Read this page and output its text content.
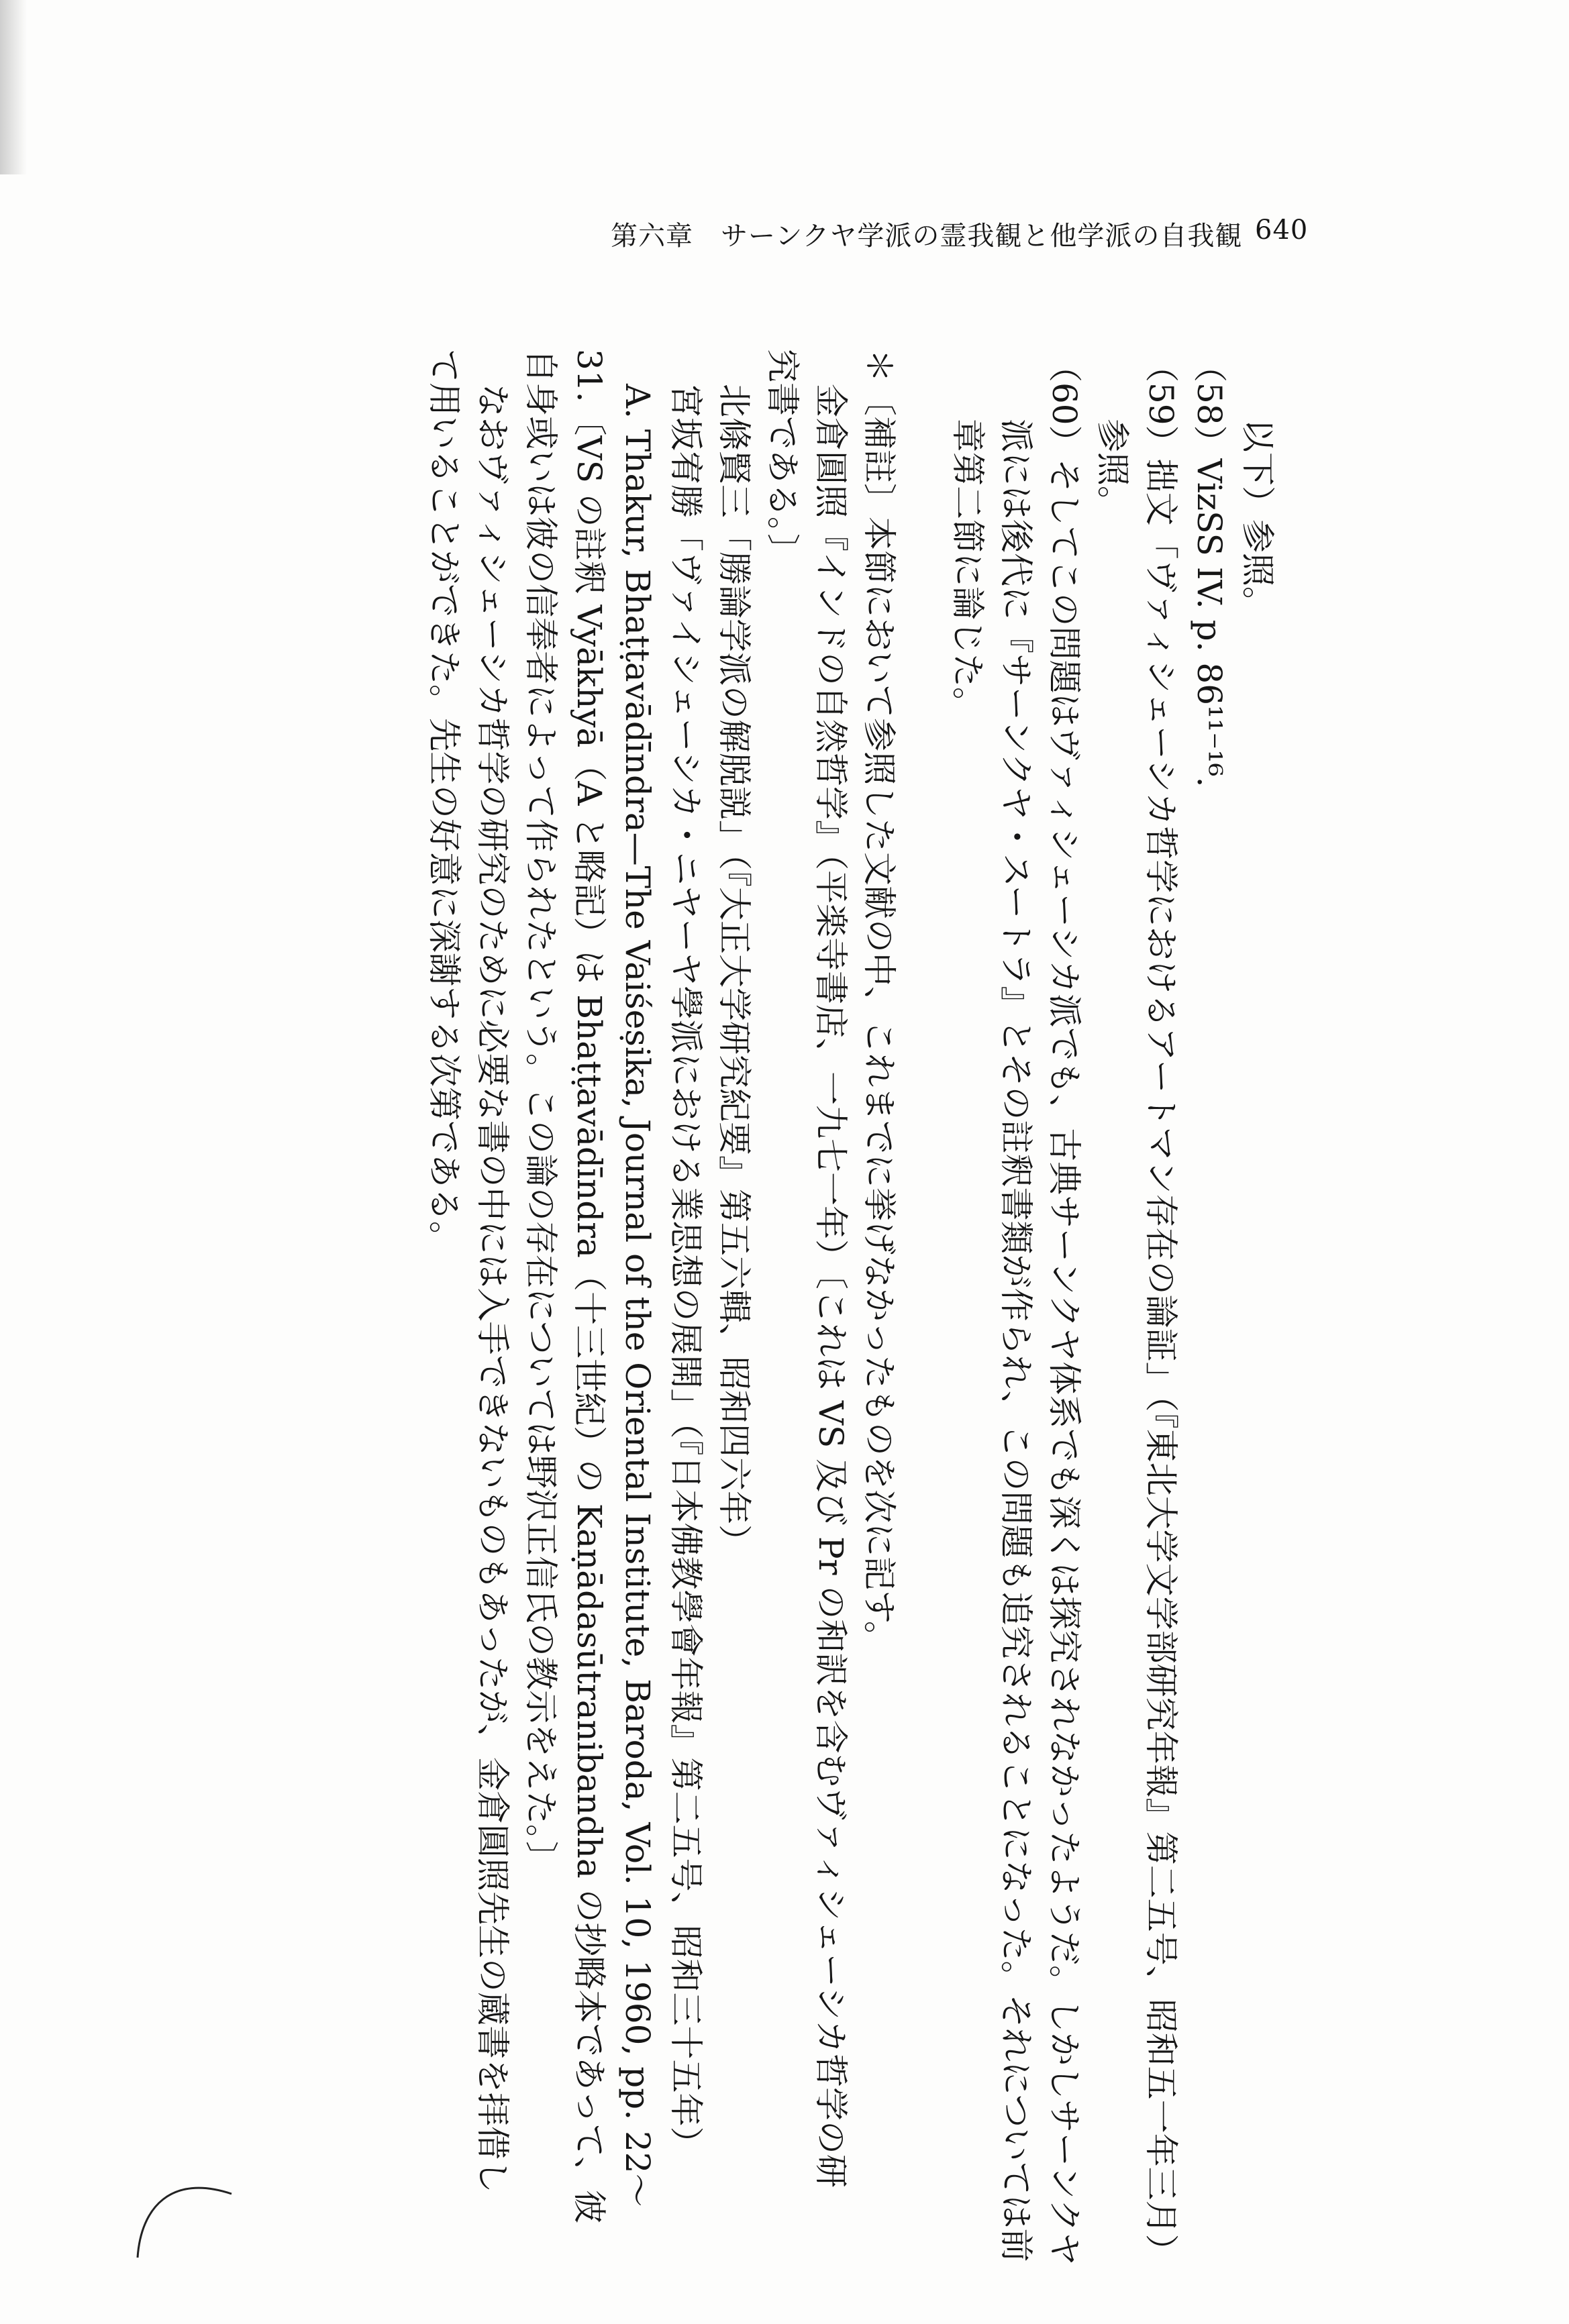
第六章　サーンクヤ学派の霊我観と他学派の自我観 640
以下）参照。
（58）VizSS IV. p. 86¹¹⁻¹⁶.
（59）拙文「ヴァィシェーシカ哲学におけるアートマン存在の論証」（『東北大学文学部研究年報』第二五号、昭和五一年三月）
参照。
（60）そしてこの問題はヴァィシェーシカ派でも、古典サーンクヤ体系でも深くは探究されなかったようだ。しかしサーンクヤ
派には後代に『サーンクヤ・スートラ』とその註釈書類が作られ、この問題も追究されることになった。それについては前
章第二節に論じた。
＊〔補註〕本節において参照した文献の中、これまでに挙げなかったものを次に記す。
金倉圓照『インドの自然哲学』（平楽寺書店、一九七一年）〔これは VS 及び Pr の和訳を含むヴァィシェーシカ哲学の研
究書である。〕
北條賢三「勝論学派の解脱説」（『大正大学研究紀要』第五六輯、昭和四六年）
宮坂宥勝「ヴァイシェーシカ・ニヤーヤ學派における業思想の展開」（『日本佛教學會年報』第二五号、昭和三十五年）
A. Thakur, Bhaṭṭavādīndra—The Vaiśeṣika, Journal of the Oriental Institute, Baroda, Vol. 10, 1960, pp. 22～
31.〔VS の註釈 Vyākhyā（A と略記）は Bhaṭṭavādīndra（十三世紀）の Kaṇādasūtranibandha の抄略本であって、彼
自身或いは彼の信奉者によって作られたという。この論の存在については野沢正信氏の教示をえた。〕
なおヴァィシェーシカ哲学の研究のために必要な書の中には入手できないものもあったが、金倉圓照先生の蔵書を拝借し
て用いることができた。先生の好意に深謝する次第である。
